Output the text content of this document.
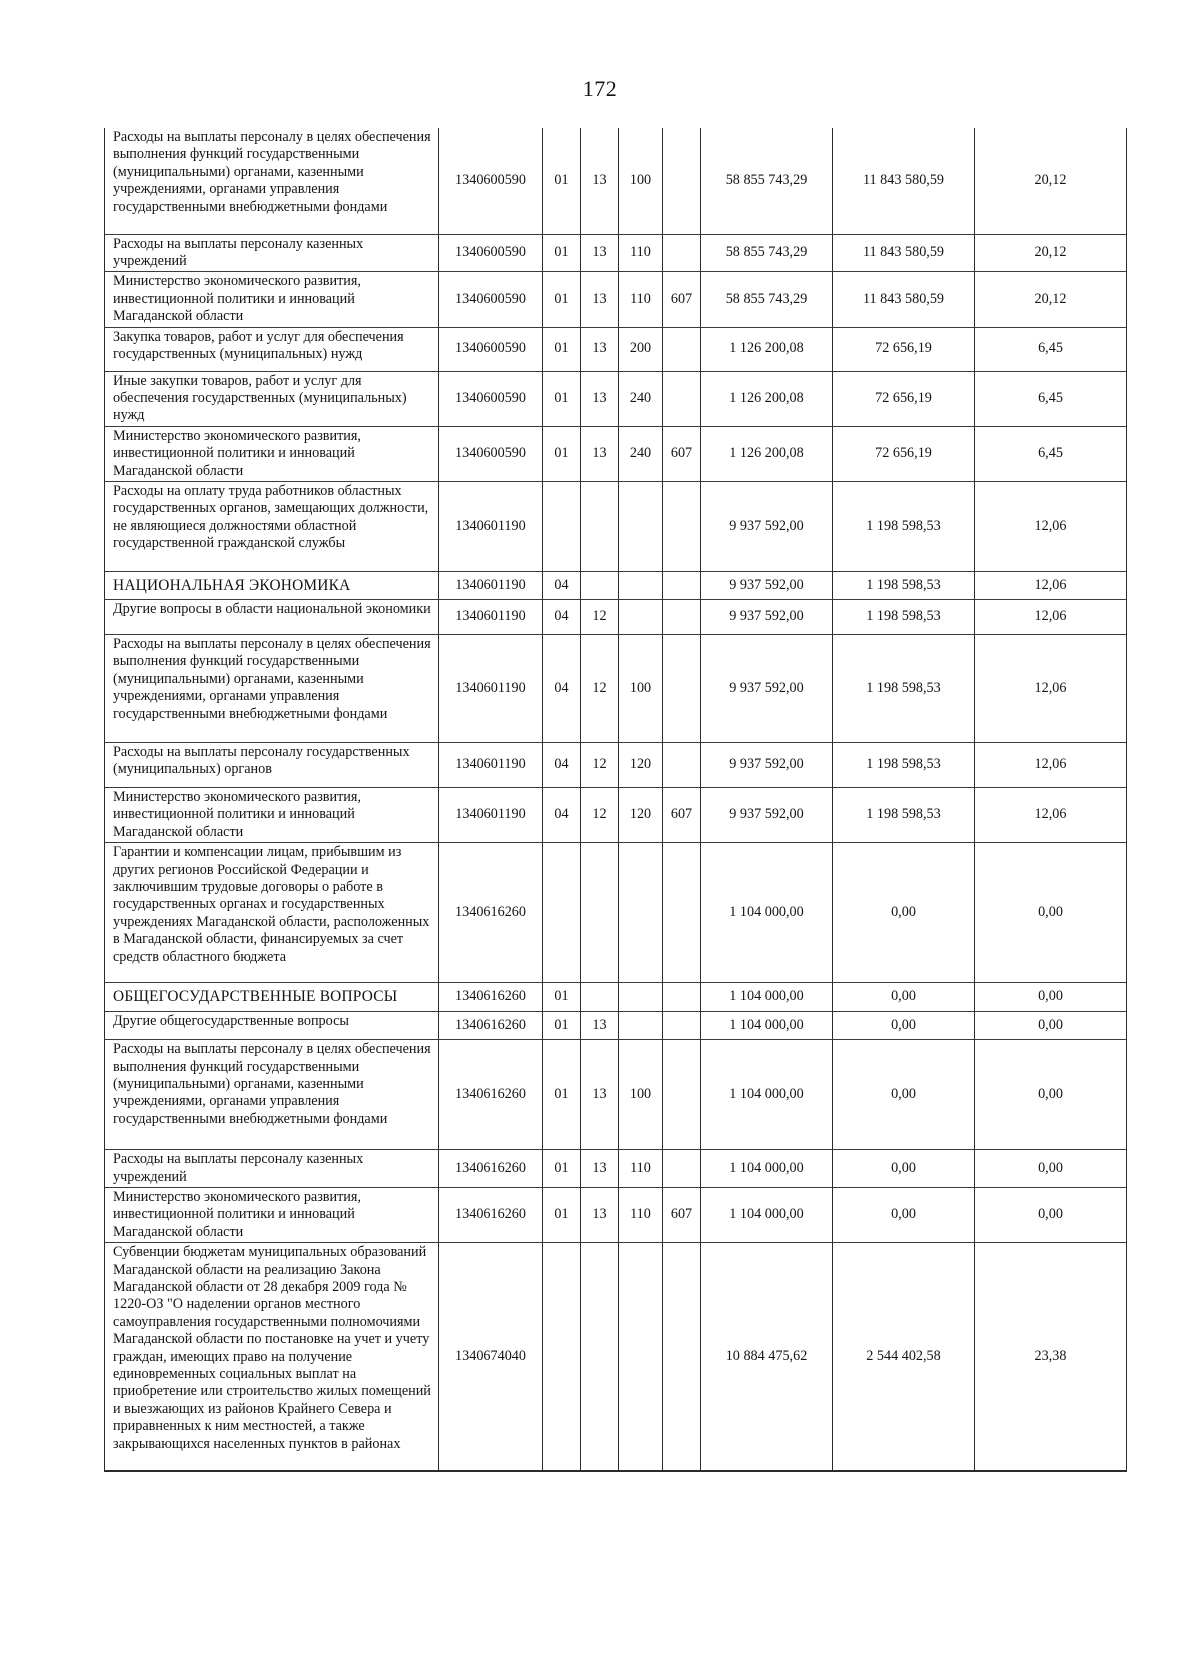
172
Расходы на выплаты персоналу в целях обеспечения выполнения функций государственными (муниципальными) органами, казенными учреждениями, органами управления государственными внебюджетными фондами	1340600590	01	13	100		58 855 743,29	11 843 580,59	20,12
Расходы на выплаты персоналу казенных учреждений	1340600590	01	13	110		58 855 743,29	11 843 580,59	20,12
Министерство экономического развития, инвестиционной политики и инноваций Магаданской области	1340600590	01	13	110	607	58 855 743,29	11 843 580,59	20,12
Закупка товаров, работ и услуг для обеспечения государственных (муниципальных) нужд	1340600590	01	13	200		1 126 200,08	72 656,19	6,45
Иные закупки товаров, работ и услуг для обеспечения государственных (муниципальных) нужд	1340600590	01	13	240		1 126 200,08	72 656,19	6,45
Министерство экономического развития, инвестиционной политики и инноваций Магаданской области	1340600590	01	13	240	607	1 126 200,08	72 656,19	6,45
Расходы на оплату труда работников областных государственных органов, замещающих должности, не являющиеся должностями областной государственной гражданской службы	1340601190					9 937 592,00	1 198 598,53	12,06
НАЦИОНАЛЬНАЯ ЭКОНОМИКА	1340601190	04				9 937 592,00	1 198 598,53	12,06
Другие вопросы в области национальной экономики	1340601190	04	12			9 937 592,00	1 198 598,53	12,06
Расходы на выплаты персоналу в целях обеспечения выполнения функций государственными (муниципальными) органами, казенными учреждениями, органами управления государственными внебюджетными фондами	1340601190	04	12	100		9 937 592,00	1 198 598,53	12,06
Расходы на выплаты персоналу государственных (муниципальных) органов	1340601190	04	12	120		9 937 592,00	1 198 598,53	12,06
Министерство экономического развития, инвестиционной политики и инноваций Магаданской области	1340601190	04	12	120	607	9 937 592,00	1 198 598,53	12,06
Гарантии и компенсации лицам, прибывшим из других регионов Российской Федерации и заключившим трудовые договоры о работе в государственных органах и государственных учреждениях Магаданской области, расположенных в Магаданской области, финансируемых за счет средств областного бюджета	1340616260					1 104 000,00	0,00	0,00
ОБЩЕГОСУДАРСТВЕННЫЕ ВОПРОСЫ	1340616260	01				1 104 000,00	0,00	0,00
Другие общегосударственные вопросы	1340616260	01	13			1 104 000,00	0,00	0,00
Расходы на выплаты персоналу в целях обеспечения выполнения функций государственными (муниципальными) органами, казенными учреждениями, органами управления государственными внебюджетными фондами	1340616260	01	13	100		1 104 000,00	0,00	0,00
Расходы на выплаты персоналу казенных учреждений	1340616260	01	13	110		1 104 000,00	0,00	0,00
Министерство экономического развития, инвестиционной политики и инноваций Магаданской области	1340616260	01	13	110	607	1 104 000,00	0,00	0,00
Субвенции бюджетам муниципальных образований Магаданской области на реализацию Закона Магаданской области от 28 декабря 2009 года № 1220-ОЗ "О наделении органов местного самоуправления государственными полномочиями Магаданской области по постановке на учет и учету граждан, имеющих право на получение единовременных социальных выплат на приобретение или строительство жилых помещений и выезжающих из районов Крайнего Севера и приравненных к ним местностей, а также закрывающихся населенных пунктов в районах	1340674040					10 884 475,62	2 544 402,58	23,38
